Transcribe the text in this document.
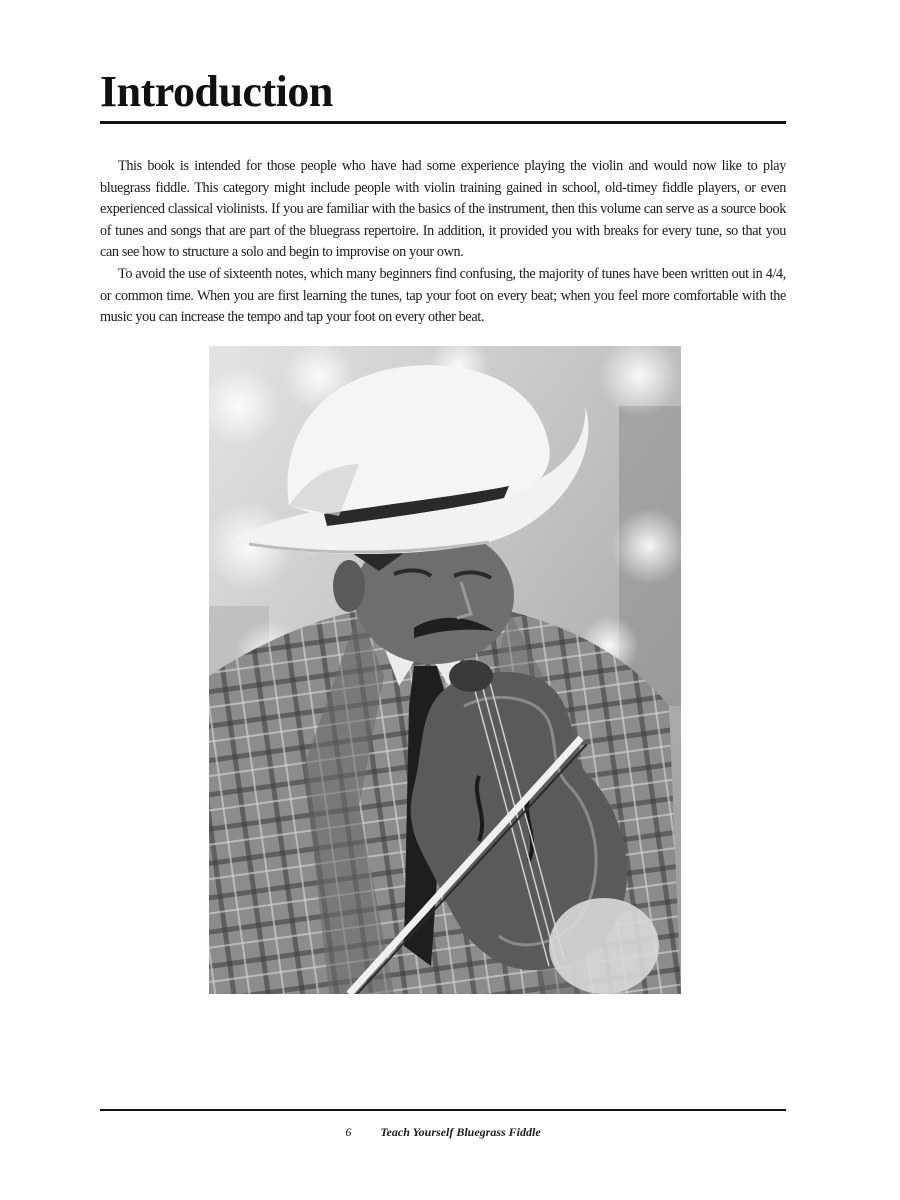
Introduction

This book is intended for those people who have had some experience playing the violin and would now like to play bluegrass fiddle. This category might include people with violin training gained in school, old-timey fiddle players, or even experienced classical violinists. If you are familiar with the basics of the instrument, then this volume can serve as a source book of tunes and songs that are part of the bluegrass repertoire. In addition, it provided you with breaks for every tune, so that you can see how to structure a solo and begin to improvise on your own.

To avoid the use of sixteenth notes, which many beginners find confusing, the majority of tunes have been written out in 4/4, or common time. When you are first learning the tunes, tap your foot on every beat; when you feel more comfortable with the music you can increase the tempo and tap your foot on every other beat.

6 Teach Yourself Bluegrass Fiddle
